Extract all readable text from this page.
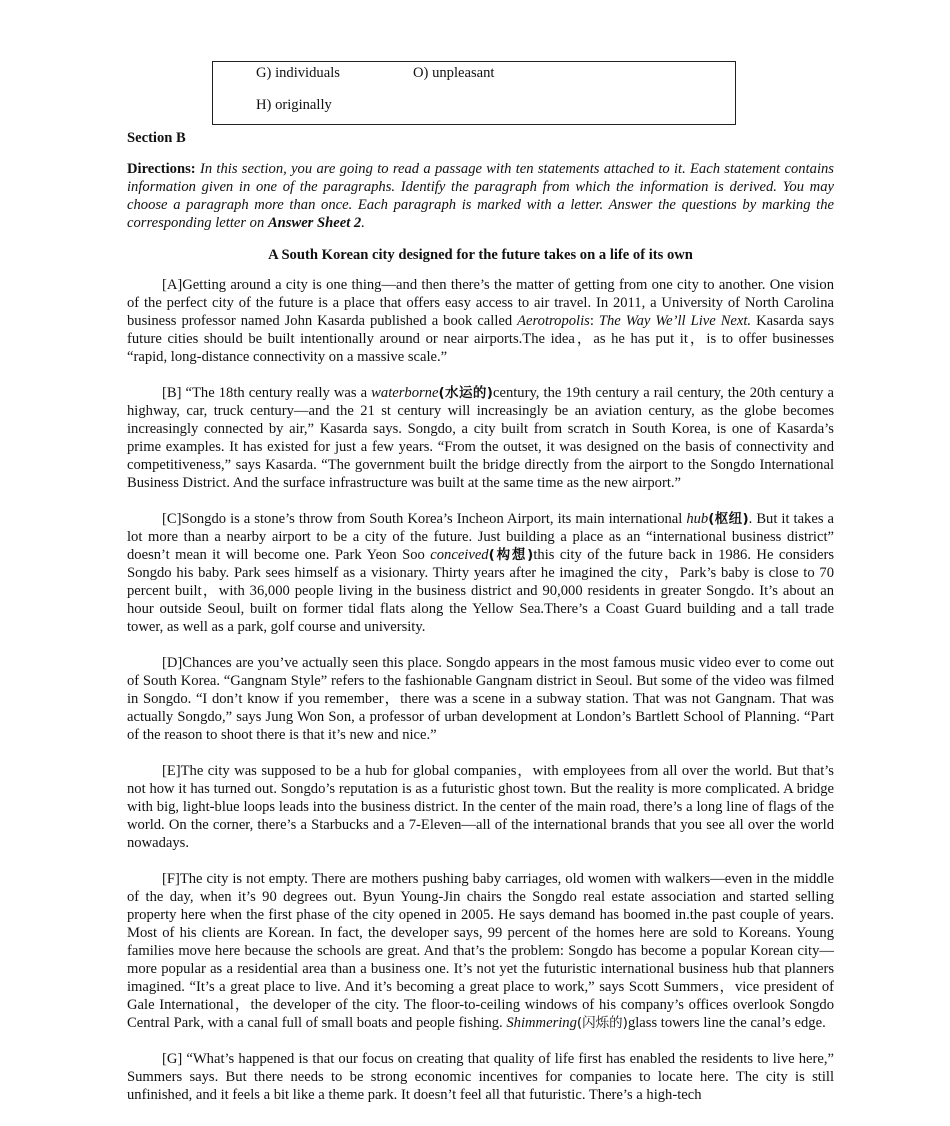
G) individuals	O) unpleasant
H) originally
Section B

Directions: In this section, you are going to read a passage with ten statements attached to it. Each statement contains information given in one of the paragraphs. Identify the paragraph from which the information is derived. You may choose a paragraph more than once. Each paragraph is marked with a letter. Answer the questions by marking the corresponding letter on Answer Sheet 2.

A South Korean city designed for the future takes on a life of its own

[A]Getting around a city is one thing—and then there’s the matter of getting from one city to another. One vision of the perfect city of the future is a place that offers easy access to air travel. In 2011, a University of North Carolina business professor named John Kasarda published a book called Aerotropolis: The Way We’ll Live Next. Kasarda says future cities should be built intentionally around or near airports.The idea，as he has put it，is to offer businesses “rapid, long-distance connectivity on a massive scale.”

[B] “The 18th century really was a waterborne(水运的)century, the 19th century a rail century, the 20th century a highway, car, truck century—and the 21 st century will increasingly be an aviation century, as the globe becomes increasingly connected by air,” Kasarda says. Songdo, a city built from scratch in South Korea, is one of Kasarda’s prime examples. It has existed for just a few years. “From the outset, it was designed on the basis of connectivity and competitiveness,” says Kasarda. “The government built the bridge directly from the airport to the Songdo International Business District. And the surface infrastructure was built at the same time as the new airport.”

[C]Songdo is a stone’s throw from South Korea’s Incheon Airport, its main international hub(枢纽). But it takes a lot more than a nearby airport to be a city of the future. Just building a place as an “international business district” doesn’t mean it will become one. Park Yeon Soo conceived(构想)this city of the future back in 1986. He considers Songdo his baby. Park sees himself as a visionary. Thirty years after he imagined the city，Park’s baby is close to 70 percent built，with 36,000 people living in the business district and 90,000 residents in greater Songdo. It’s about an hour outside Seoul, built on former tidal flats along the Yellow Sea.There’s a Coast Guard building and a tall trade tower, as well as a park, golf course and university.

[D]Chances are you’ve actually seen this place. Songdo appears in the most famous music video ever to come out of South Korea. “Gangnam Style” refers to the fashionable Gangnam district in Seoul. But some of the video was filmed in Songdo. “I don’t know if you remember，there was a scene in a subway station. That was not Gangnam. That was actually Songdo,” says Jung Won Son, a professor of urban development at London’s Bartlett School of Planning. “Part of the reason to shoot there is that it’s new and nice.”

[E]The city was supposed to be a hub for global companies，with employees from all over the world. But that’s not how it has turned out. Songdo’s reputation is as a futuristic ghost town. But the reality is more complicated. A bridge with big, light-blue loops leads into the business district. In the center of the main road, there’s a long line of flags of the world. On the corner, there’s a Starbucks and a 7-Eleven—all of the international brands that you see all over the world nowadays.

[F]The city is not empty. There are mothers pushing baby carriages, old women with walkers—even in the middle of the day, when it’s 90 degrees out. Byun Young-Jin chairs the Songdo real estate association and started selling property here when the first phase of the city opened in 2005. He says demand has boomed in.the past couple of years. Most of his clients are Korean. In fact, the developer says, 99 percent of the homes here are sold to Koreans. Young families move here because the schools are great. And that’s the problem: Songdo has become a popular Korean city—more popular as a residential area than a business one. It’s not yet the futuristic international business hub that planners imagined. “It’s a great place to live. And it’s becoming a great place to work,” says Scott Summers，vice president of Gale International，the developer of the city. The floor-to-ceiling windows of his company’s offices overlook Songdo Central Park, with a canal full of small boats and people fishing. Shimmering(闪烁的)glass towers line the canal’s edge.

[G] “What’s happened is that our focus on creating that quality of life first has enabled the residents to live here,” Summers says. But there needs to be strong economic incentives for companies to locate here. The city is still unfinished, and it feels a bit like a theme park. It doesn’t feel all that futuristic. There’s a high-tech
